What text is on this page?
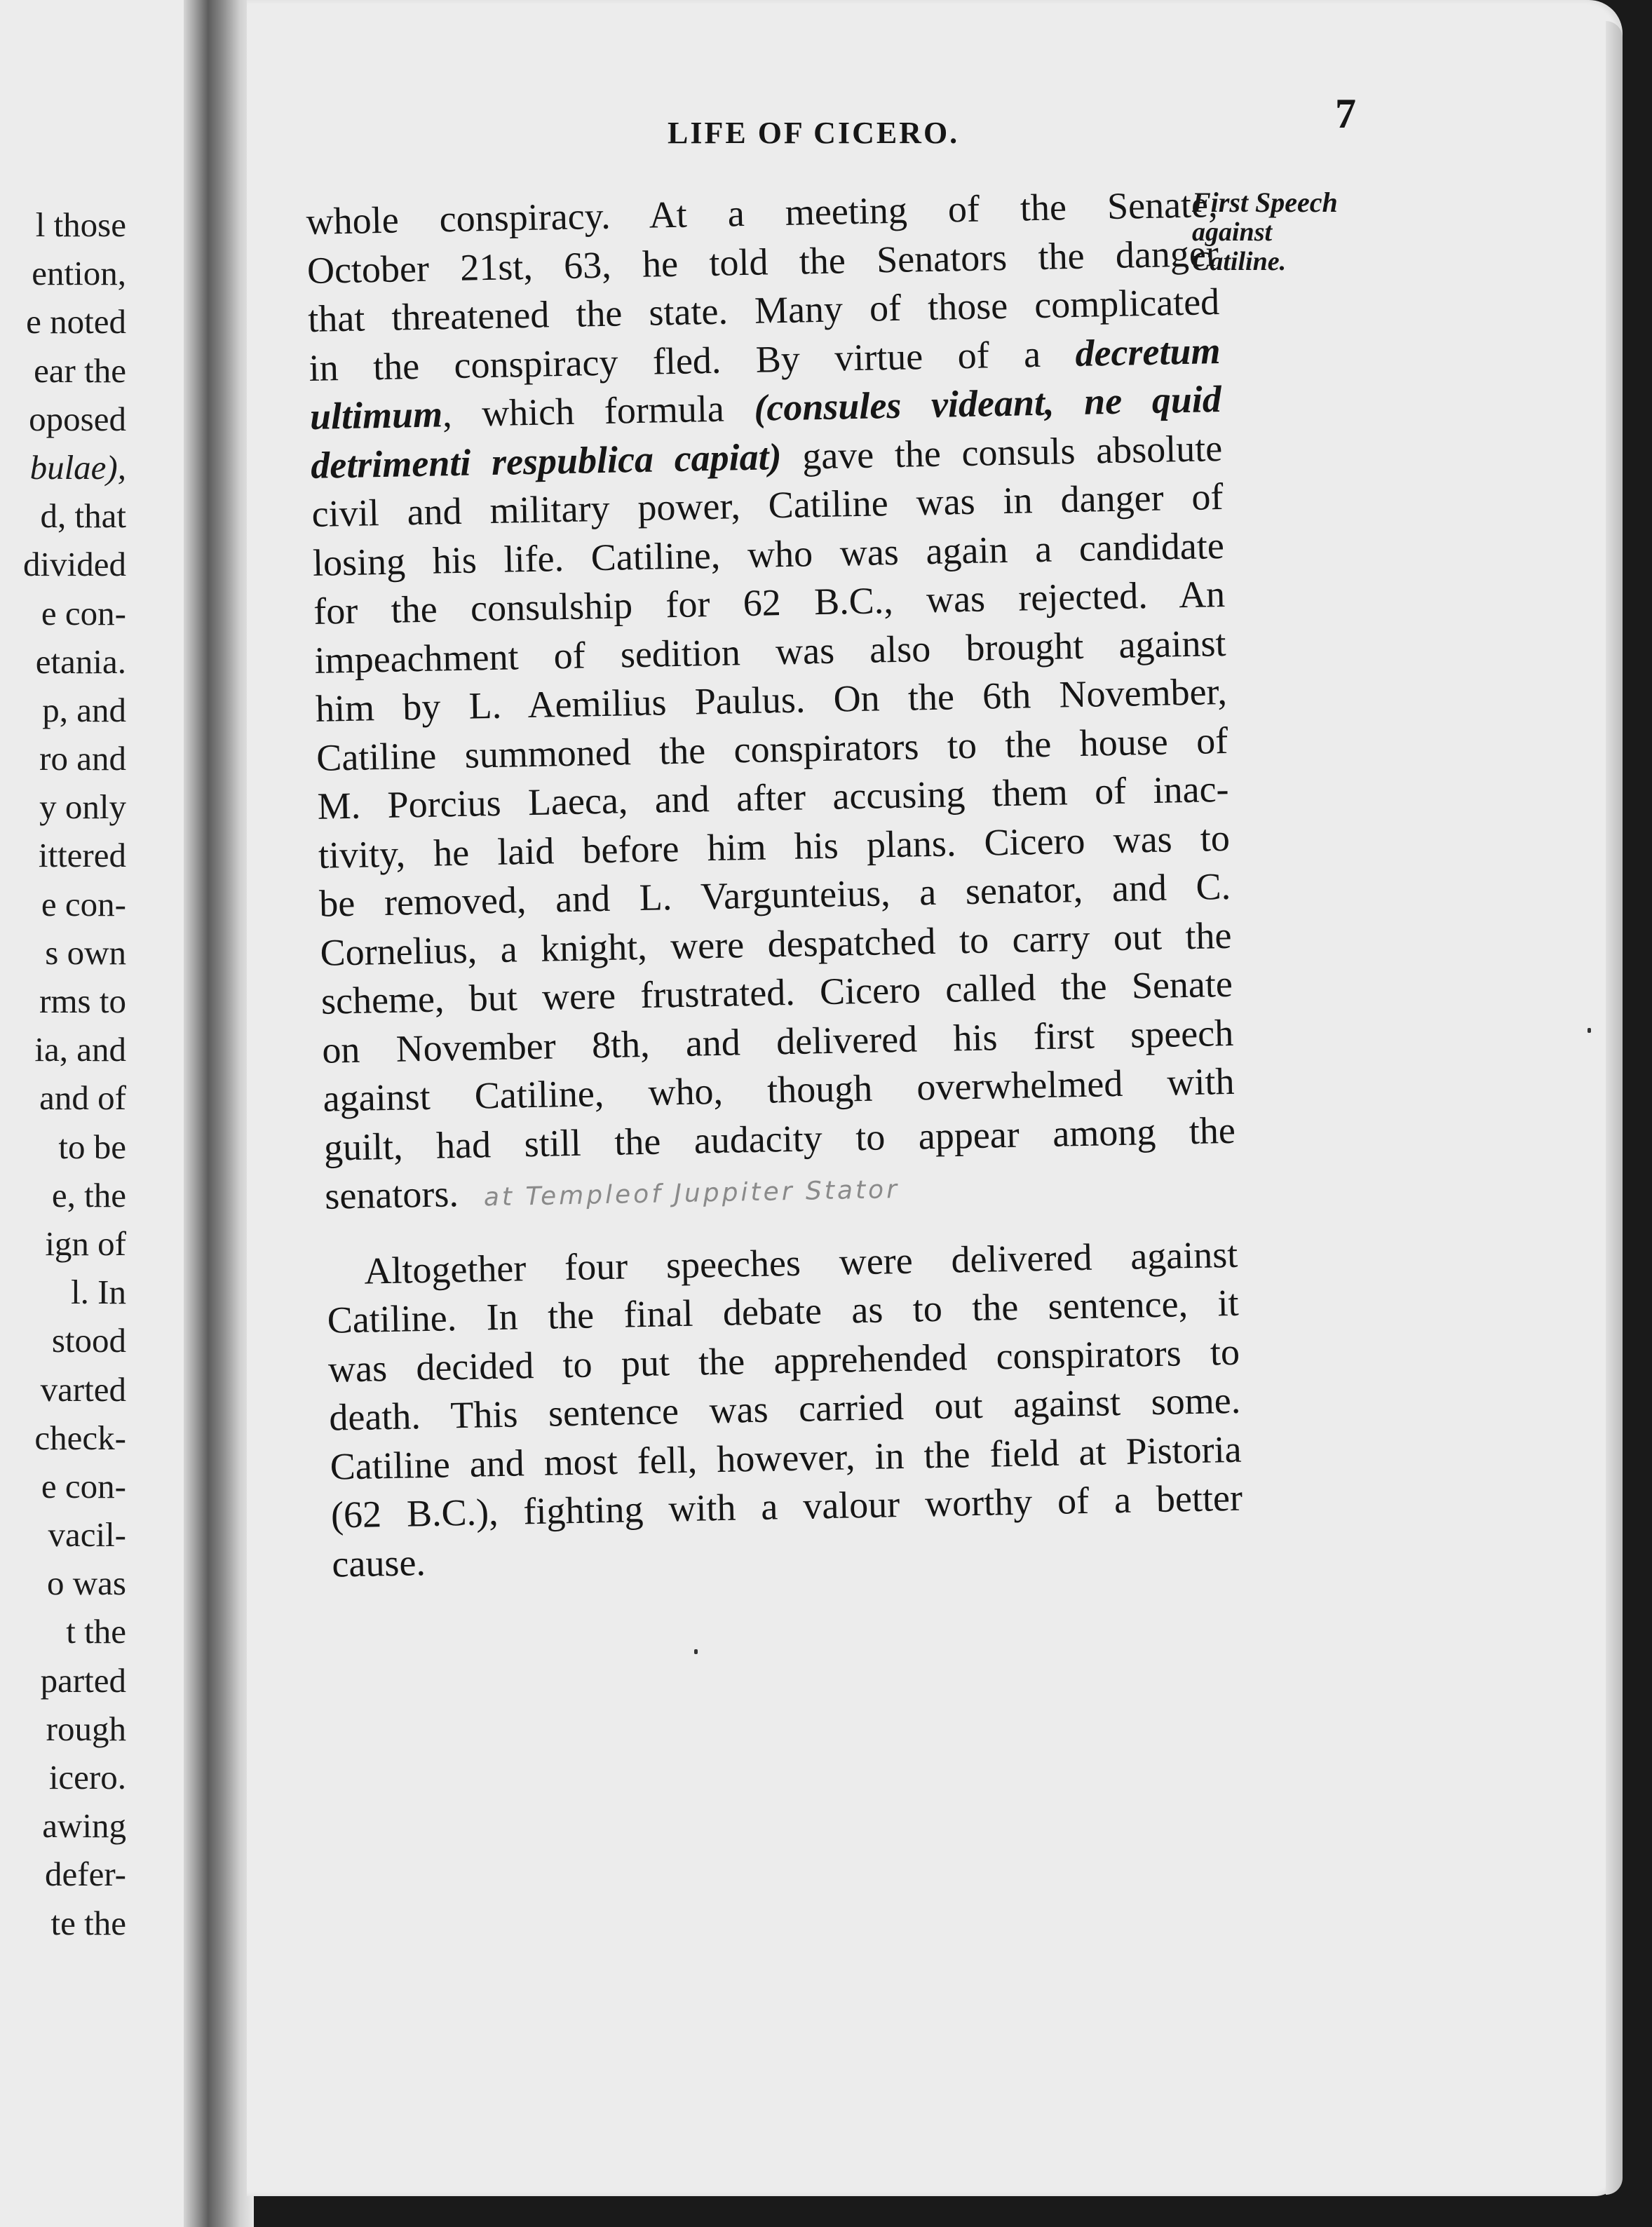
l those
ention,
e noted
ear the
oposed
bulae),
d, that
divided
e con-
etania.
p, and
ro and
y only
ittered
e con-
s own
rms to
ia, and
and of
to be
e, the
ign of
l. In
stood
varted
check-
e con-
vacil-
o was
t the
parted
rough
icero.
awing
defer-
te the
LIFE OF CICERO.	7
First Speech
against
Catiline.
whole conspiracy. At a meeting of the Senate,
October 21st, 63, he told the Senators the danger
that threatened the state. Many of those complicated
in the conspiracy fled. By virtue of a decretum
ultimum, which formula (consules videant, ne quid
detrimenti respublica capiat) gave the consuls absolute
civil and military power, Catiline was in danger of
losing his life. Catiline, who was again a candidate
for the consulship for 62 B.C., was rejected. An
impeachment of sedition was also brought against
him by L. Aemilius Paulus. On the 6th November,
Catiline summoned the conspirators to the house of
M. Porcius Laeca, and after accusing them of inac-
tivity, he laid before him his plans. Cicero was to
be removed, and L. Vargunteius, a senator, and C.
Cornelius, a knight, were despatched to carry out the
scheme, but were frustrated. Cicero called the Senate
on November 8th, and delivered his first speech
against Catiline, who, though overwhelmed with
guilt, had still the audacity to appear among the
senators. at Templeof Juppiter Stator
Altogether four speeches were delivered against
Catiline. In the final debate as to the sentence, it
was decided to put the apprehended conspirators to
death. This sentence was carried out against some.
Catiline and most fell, however, in the field at Pistoria
(62 B.C.), fighting with a valour worthy of a better
cause.
